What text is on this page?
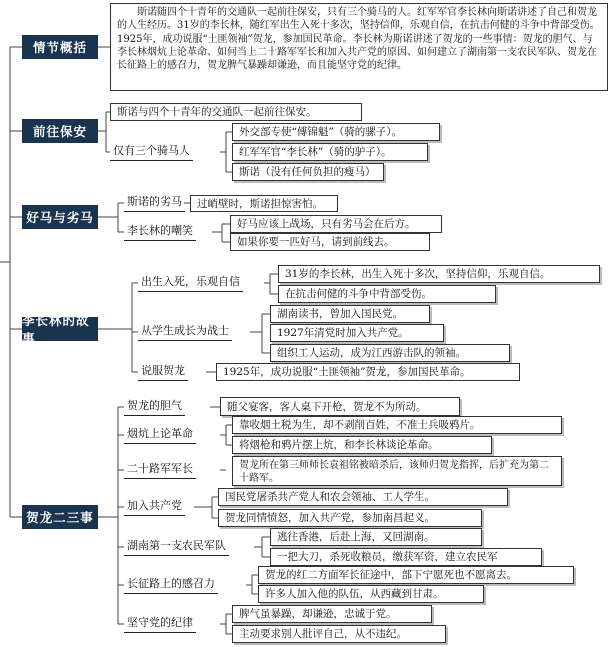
情节概括
前往保安
好马与劣马
李长林的故事
贺龙二三事
斯诺随四个十青年的交通队一起前往保安，只有三个骑马的人。红军军官李长林向斯诺讲述了自己和贺龙的人生经历。31岁的李长林，随红军出生入死十多次，坚持信仰，乐观自信，在抗击何健的斗争中背部受伤。1925年，成功说服“土匪领袖”贺龙，参加国民革命。李长林为斯诺讲述了贺龙的一些事情：贺龙的胆气、与李长林烟炕上论革命、如何当上二十路军军长和加入共产党的原因、如何建立了湖南第一支农民军队、贺龙在长征路上的感召力，贺龙脾气暴躁却谦逊，而且能坚守党的纪律。
斯诺与四个十青年的交通队一起前往保安。
仅有三个骑马人
外交部专使“傅锦魁”（骑的骡子）。
红军军官“李长林”（骑的驴子）。
斯诺（没有任何负担的瘦马）
斯诺的劣马	过峭壁时，斯诺担惊害怕。
李长林的嘲笑	好马应该上战场，只有劣马会在后方。
如果你要一匹好马，请到前线去。
出生入死，乐观自信
31岁的李长林，出生入死十多次，坚持信仰，乐观自信。
在抗击何健的斗争中背部受伤。
从学生成长为战士
湖南读书，曾加入国民党。
1927年清党时加入共产党。
组织工人运动，成为江西游击队的领袖。
说服贺龙	1925年，成功说服“土匪领袖”贺龙，参加国民革命。
贺龙的胆气	随父宴客，客人桌下开枪，贺龙不为所动。
烟炕上论革命
靠收烟土税为生，却不剥削百姓，不准士兵吸鸦片。
将烟枪和鸦片摆上炕，和李长林谈论革命。
二十路军军长	贺龙所在第三师师长袁祖铭被暗杀后，该师归贺龙指挥，后扩充为第二十路军。
加入共产党
国民党屠杀共产党人和农会领袖、工人学生。
贺龙同情愤怒，加入共产党，参加南昌起义。
湖南第一支农民军队
逃往香港，后赴上海，又回湖南。
一把大刀，杀死收粮员，缴获军资，建立农民军
长征路上的感召力
贺龙的红二方面军长征途中，部下宁愿死也不愿离去。
许多人加入他的队伍，从西藏到甘肃。
坚守党的纪律
脾气虽暴躁，却谦逊，忠诚于党。
主动要求别人批评自己，从不违纪。
